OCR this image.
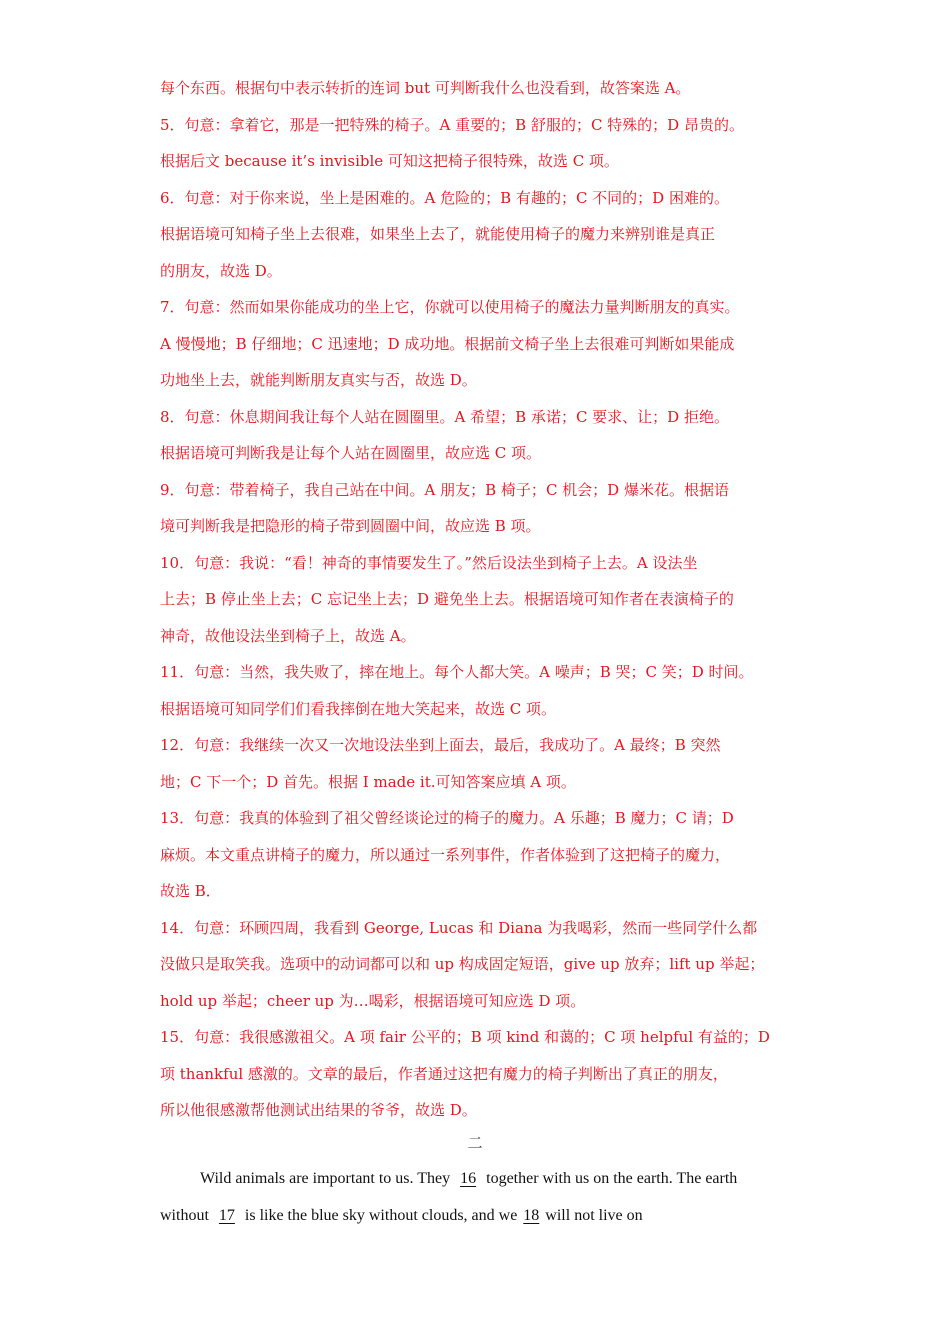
每个东西。根据句中表示转折的连词 but 可判断我什么也没看到，故答案选 A。
5．句意：拿着它，那是一把特殊的椅子。A 重要的；B 舒服的；C 特殊的；D 昂贵的。
根据后文 because it’s invisible 可知这把椅子很特殊，故选 C 项。
6．句意：对于你来说，坐上是困难的。A 危险的；B 有趣的；C 不同的；D 困难的。
根据语境可知椅子坐上去很难，如果坐上去了，就能使用椅子的魔力来辨别谁是真正
的朋友，故选 D。
7．句意：然而如果你能成功的坐上它，你就可以使用椅子的魔法力量判断朋友的真实。
A 慢慢地；B 仔细地；C 迅速地；D 成功地。根据前文椅子坐上去很难可判断如果能成
功地坐上去，就能判断朋友真实与否，故选 D。
8．句意：休息期间我让每个人站在圆圈里。A 希望；B 承诺；C 要求、让；D 拒绝。
根据语境可判断我是让每个人站在圆圈里，故应选 C 项。
9．句意：带着椅子，我自己站在中间。A 朋友；B 椅子；C 机会；D 爆米花。根据语
境可判断我是把隐形的椅子带到圆圈中间，故应选 B 项。
10．句意：我说：“看！神奇的事情要发生了。”然后设法坐到椅子上去。A 设法坐
上去；B 停止坐上去；C 忘记坐上去；D 避免坐上去。根据语境可知作者在表演椅子的
神奇，故他设法坐到椅子上，故选 A。
11．句意：当然，我失败了，摔在地上。每个人都大笑。A 噪声；B 哭；C 笑；D 时间。
根据语境可知同学们们看我摔倒在地大笑起来，故选 C 项。
12．句意：我继续一次又一次地设法坐到上面去，最后，我成功了。A 最终；B 突然
地；C 下一个；D 首先。根据 I made it.可知答案应填 A 项。
13．句意：我真的体验到了祖父曾经谈论过的椅子的魔力。A 乐趣；B 魔力；C 请；D
麻烦。本文重点讲椅子的魔力，所以通过一系列事件，作者体验到了这把椅子的魔力，
故选 B．
14．句意：环顾四周，我看到 George, Lucas 和 Diana 为我喝彩，然而一些同学什么都
没做只是取笑我。选项中的动词都可以和 up 构成固定短语，give up 放弃；lift up 举起；
hold up 举起；cheer up 为…喝彩，根据语境可知应选 D 项。
15．句意：我很感激祖父。A 项 fair 公平的；B 项 kind 和蔼的；C 项 helpful 有益的；D
项 thankful 感激的。文章的最后，作者通过这把有魔力的椅子判断出了真正的朋友，
所以他很感激帮他测试出结果的爷爷，故选 D。
二
Wild animals are important to us. They 16 together with us on the earth. The earth
without 17 is like the blue sky without clouds, and we 18 will not live on
